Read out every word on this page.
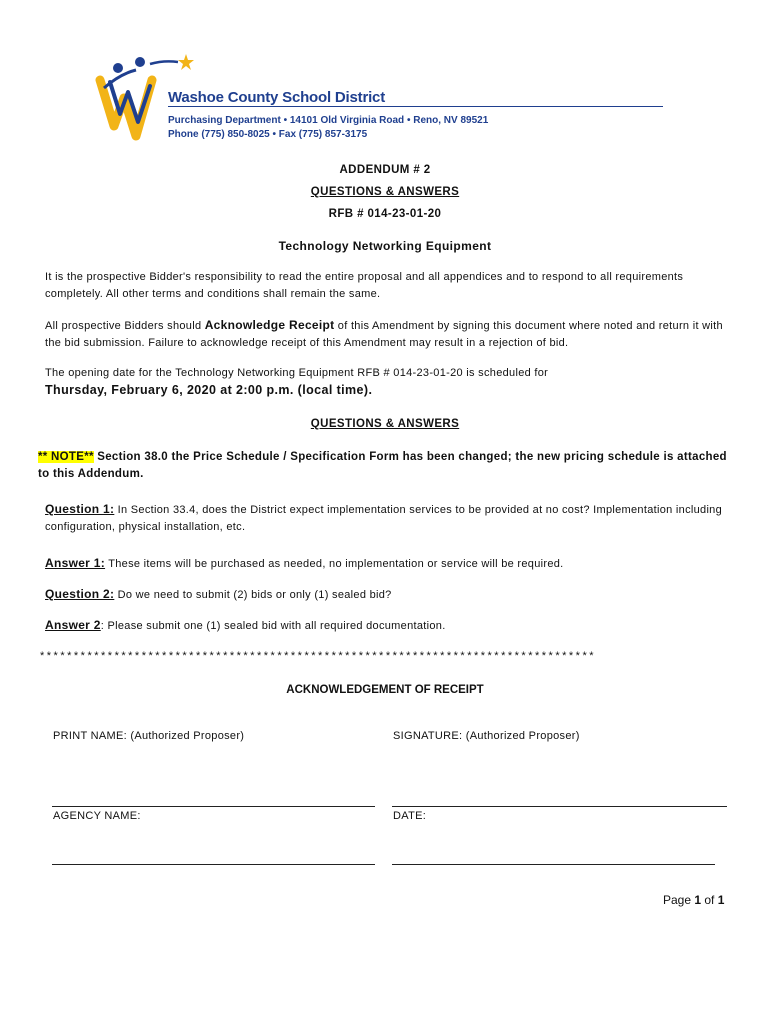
Washoe County School District
Purchasing Department • 14101 Old Virginia Road • Reno, NV 89521
Phone (775) 850-8025 • Fax (775) 857-3175
ADDENDUM # 2
QUESTIONS & ANSWERS
RFB # 014-23-01-20
Technology Networking Equipment
It is the prospective Bidder's responsibility to read the entire proposal and all appendices and to respond to all requirements completely. All other terms and conditions shall remain the same.
All prospective Bidders should Acknowledge Receipt of this Amendment by signing this document where noted and return it with the bid submission. Failure to acknowledge receipt of this Amendment may result in a rejection of bid.
The opening date for the Technology Networking Equipment RFB # 014-23-01-20 is scheduled for
Thursday, February 6, 2020 at 2:00 p.m. (local time).
QUESTIONS & ANSWERS
** NOTE** Section 38.0 the Price Schedule / Specification Form has been changed; the new pricing schedule is attached to this Addendum.
Question 1: In Section 33.4, does the District expect implementation services to be provided at no cost? Implementation including configuration, physical installation, etc.
Answer 1: These items will be purchased as needed, no implementation or service will be required.
Question 2: Do we need to submit (2) bids or only (1) sealed bid?
Answer 2: Please submit one (1) sealed bid with all required documentation.
**********************************************************************************
ACKNOWLEDGEMENT OF RECEIPT
PRINT NAME: (Authorized Proposer)	SIGNATURE: (Authorized Proposer)
AGENCY NAME:	DATE:
Page 1 of 1
